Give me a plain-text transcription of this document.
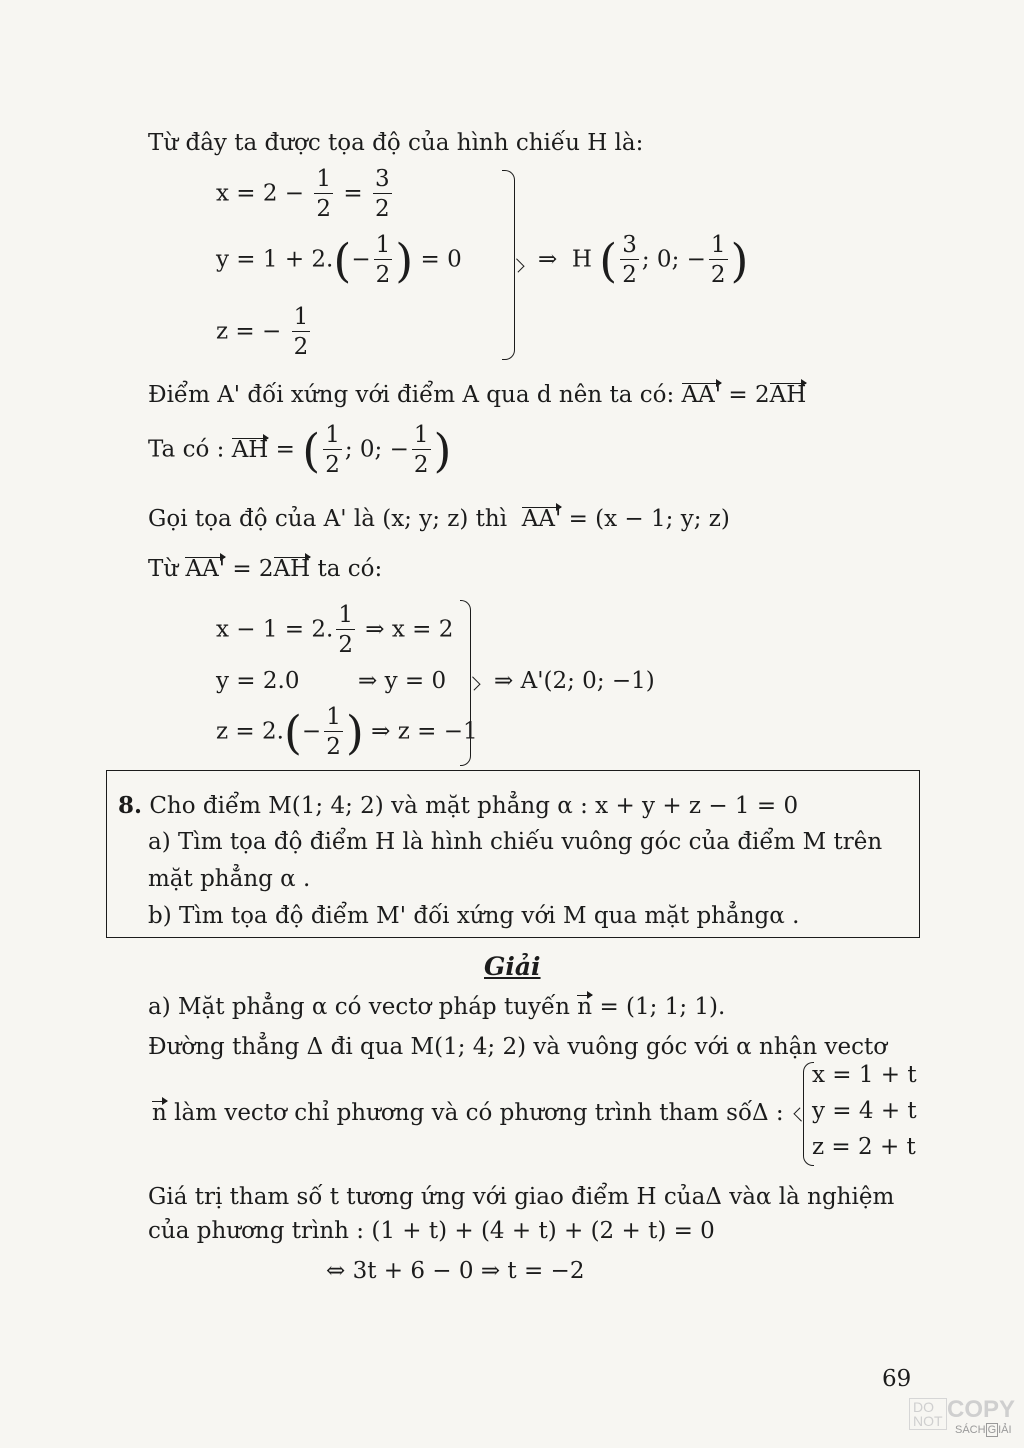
Từ đây ta được tọa độ của hình chiếu H là:
$x = 2 - \frac{1}{2} = \frac{3}{2}$
$y = 1 + 2.(- \frac{1}{2}$ ) = 0
z = − $\frac{1}{2}$
⇒ H ( $\frac{3}{2}$ ; 0; − $\frac{1}{2}$ )
Điểm A' đối xứng với điểm A qua d nên ta có: AA' = 2AH
Ta có : AH = ( $\frac{1}{2}$ ; 0; − $\frac{1}{2}$ )
Gọi tọa độ của A' là (x; y; z) thì AA' = (x − 1; y; z)
Từ AA' = 2AH ta có:
x − 1 = 2. $\frac{1}{2}$ ⇒ x = 2
y = 2.0	⇒ y = 0
$z = 2.(- \frac{1}{2}$ ) ⇒ z = −1
⇒ A'(2; 0; −1)
8. Cho điểm M(1; 4; 2) và mặt phẳng α : x + y + z − 1 = 0
a) Tìm tọa độ điểm H là hình chiếu vuông góc của điểm M trên
mặt phẳng α .
b) Tìm tọa độ điểm M' đối xứng với M qua mặt phẳngα .
Giải
a) Mặt phẳng α có vectơ pháp tuyến n = (1; 1; 1).
Đường thẳng Δ đi qua M(1; 4; 2) và vuông góc với α nhận vectơ
n làm vectơ chỉ phương và có phương trình tham sốΔ :
x = 1 + t
y = 4 + t
z = 2 + t
Giá trị tham số t tương ứng với giao điểm H củaΔ vàα là nghiệm
của phương trình : (1 + t) + (4 + t) + (2 + t) = 0
⇔ 3t + 6 − 0 ⇒ t = −2
69
DO
NOT COPY
SÁCH G IẢI
